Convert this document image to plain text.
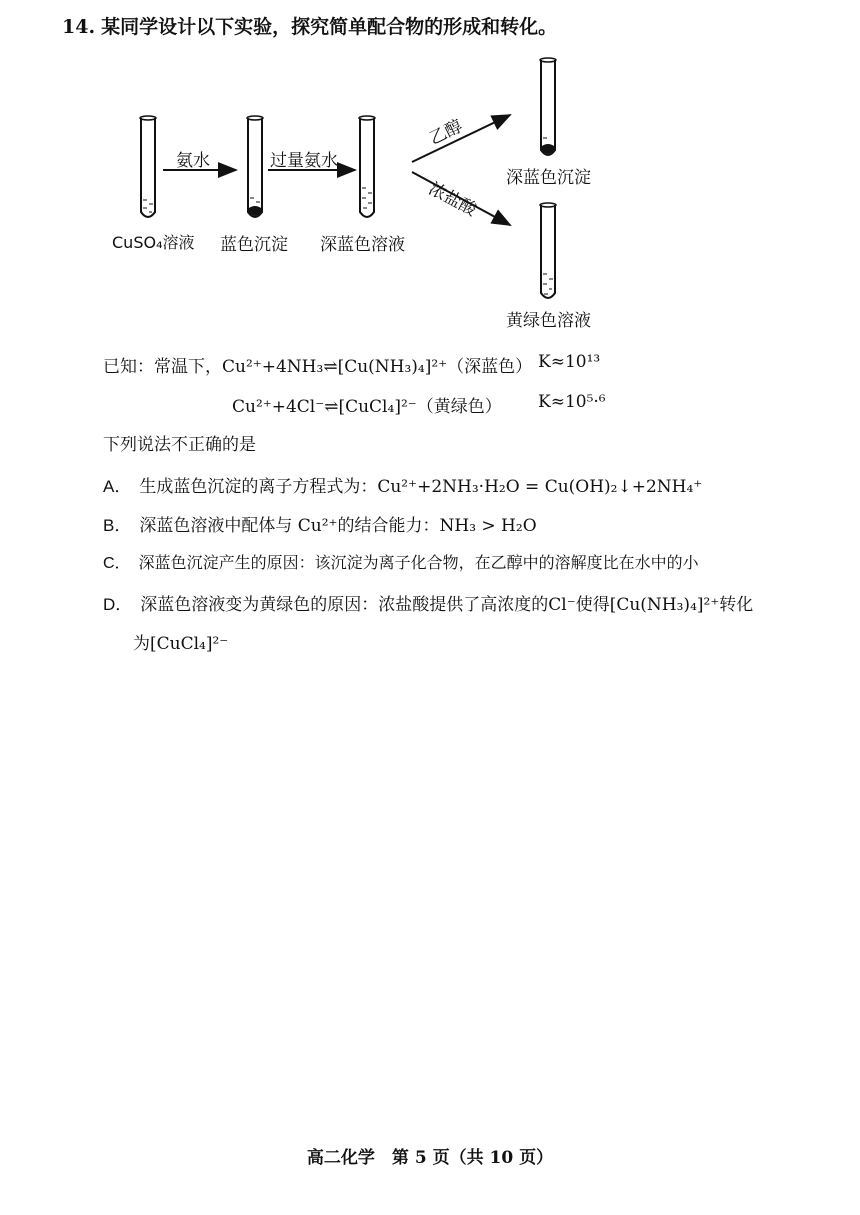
14. 某同学设计以下实验，探究简单配合物的形成和转化。
氨水	过量氨水
乙醇
浓盐酸
CuSO₄溶液 蓝色沉淀 深蓝色溶液
深蓝色沉淀
黄绿色溶液
已知：常温下，Cu²⁺+4NH₃⇌[Cu(NH₃)₄]²⁺（深蓝色） K≈10¹³
Cu²⁺+4Cl⁻⇌[CuCl₄]²⁻（黄绿色） K≈10⁵·⁶
下列说法不正确的是
A． 生成蓝色沉淀的离子方程式为：Cu²⁺+2NH₃·H₂O = Cu(OH)₂↓+2NH₄⁺
B． 深蓝色溶液中配体与 Cu²⁺的结合能力：NH₃ > H₂O
C． 深蓝色沉淀产生的原因：该沉淀为离子化合物，在乙醇中的溶解度比在水中的小
D． 深蓝色溶液变为黄绿色的原因：浓盐酸提供了高浓度的Cl⁻使得[Cu(NH₃)₄]²⁺转化
为[CuCl₄]²⁻
高二化学　第 5 页（共 10 页）
